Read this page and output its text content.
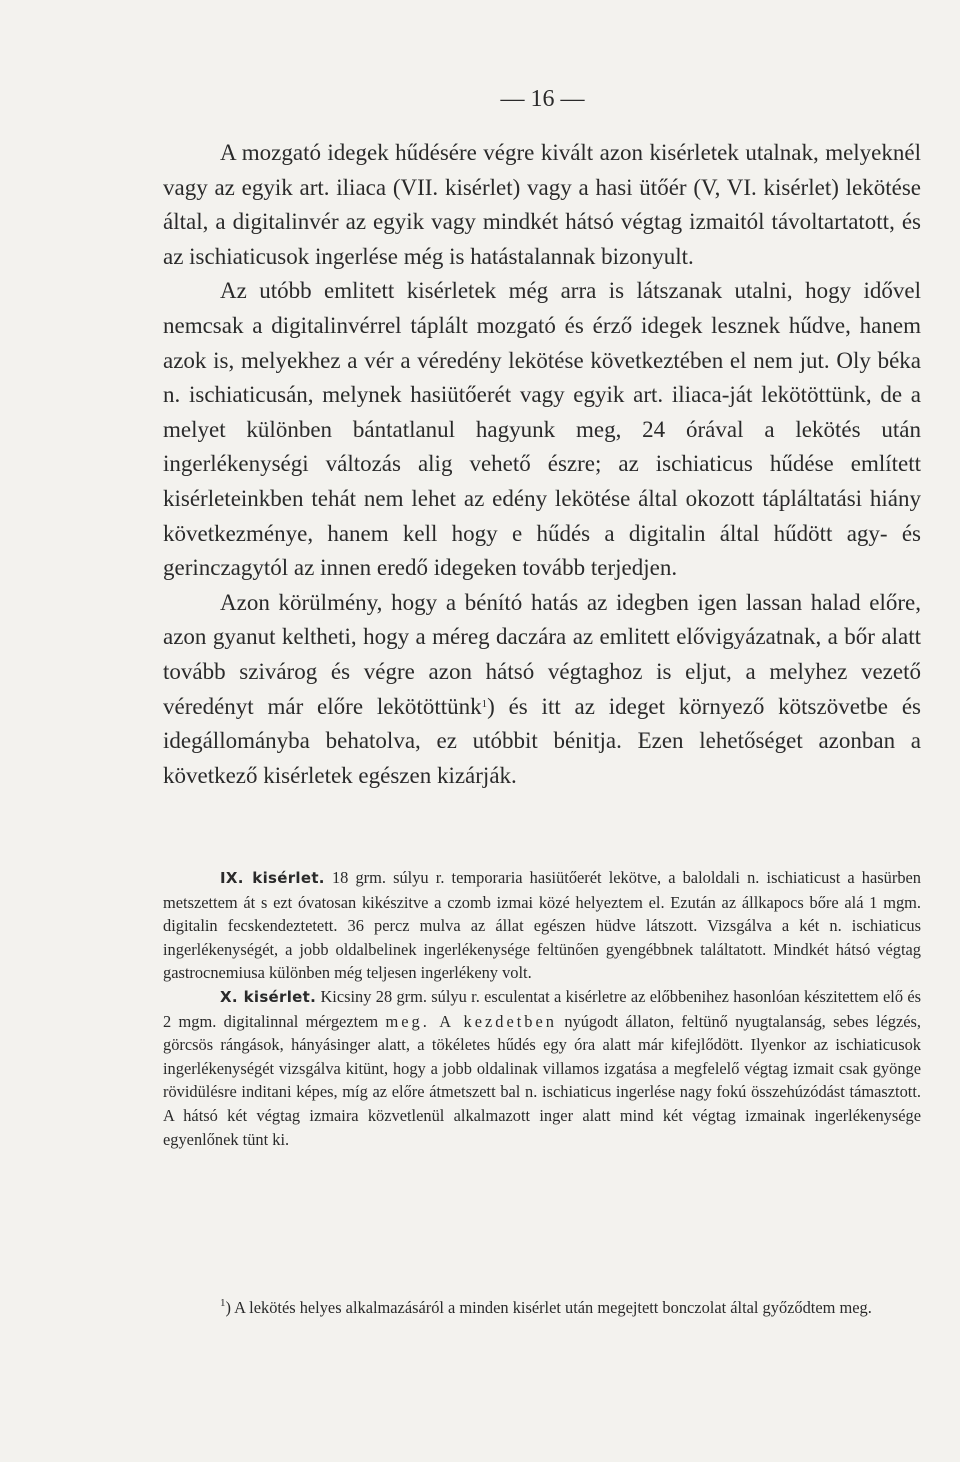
— 16 —

A mozgató idegek hűdésére végre kivált azon kisérletek utalnak, melyeknél vagy az egyik art. iliaca (VII. kisérlet) vagy a hasi ütőér (V, VI. kisérlet) lekötése által, a digitalinvér az egyik vagy mindkét hátsó végtag izmaitól távoltartatott, és az ischiaticusok ingerlése még is hatástalannak bizonyult.

Az utóbb emlitett kisérletek még arra is látszanak utalni, hogy idővel nemcsak a digitalinvérrel táplált mozgató és érző idegek lesznek hűdve, hanem azok is, melyekhez a vér a véredény lekötése következtében el nem jut. Oly béka n. ischiaticusán, melynek hasiütőerét vagy egyik art. iliaca-ját lekötöttünk, de a melyet különben bántatlanul hagyunk meg, 24 órával a lekötés után ingerlékenységi változás alig vehető észre; az ischiaticus hűdése említett kisérleteinkben tehát nem lehet az edény lekötése által okozott tápláltatási hiány következménye, hanem kell hogy e hűdés a digitalin által hűdött agy- és gerinczagytól az innen eredő idegeken tovább terjedjen.

Azon körülmény, hogy a bénító hatás az idegben igen lassan halad előre, azon gyanut keltheti, hogy a méreg daczára az emlitett elővigyázatnak, a bőr alatt tovább szivárog és végre azon hátsó végtaghoz is eljut, a melyhez vezető véredényt már előre lekötöttünk$^1$) és itt az ideget környező kötszövetbe és idegállományba behatolva, ez utóbbit bénitja. Ezen lehetőséget azonban a következő kisérletek egészen kizárják.

IX. kisérlet. 18 grm. súlyu r. temporaria hasiütőerét lekötve, a baloldali n. ischiaticust a hasürben metszettem át s ezt óvatosan kikészitve a czomb izmai közé helyeztem el. Ezután az állkapocs bőre alá 1 mgm. digitalin fecskendeztetett. 36 percz mulva az állat egészen hüdve látszott. Vizsgálva a két n. ischiaticus ingerlékenységét, a jobb oldalbelinek ingerlékenysége feltünően gyengébbnek találtatott. Mindkét hátsó végtag gastrocnemiusa különben még teljesen ingerlékeny volt.

X. kisérlet. Kicsiny 28 grm. súlyu r. esculentat a kisérletre az előbbenihez hasonlóan készitettem elő és 2 mgm. digitalinnal mérgeztem meg. A kezdetben nyúgodt állaton, feltünő nyugtalanság, sebes légzés, görcsös rángások, hányásinger alatt, a tökéletes hűdés egy óra alatt már kifejlődött. Ilyenkor az ischiaticusok ingerlékenységét vizsgálva kitünt, hogy a jobb oldalinak villamos izgatása a megfelelő végtag izmait csak gyönge rövidülésre inditani képes, míg az előre átmetszett bal n. ischiaticus ingerlése nagy fokú összehúzódást támasztott. A hátsó két végtag izmaira közvetlenül alkalmazott inger alatt mind két végtag izmainak ingerlékenysége egyenlőnek tünt ki.

$^1$) A lekötés helyes alkalmazásáról a minden kisérlet után megejtett bonczolat által győződtem meg.
